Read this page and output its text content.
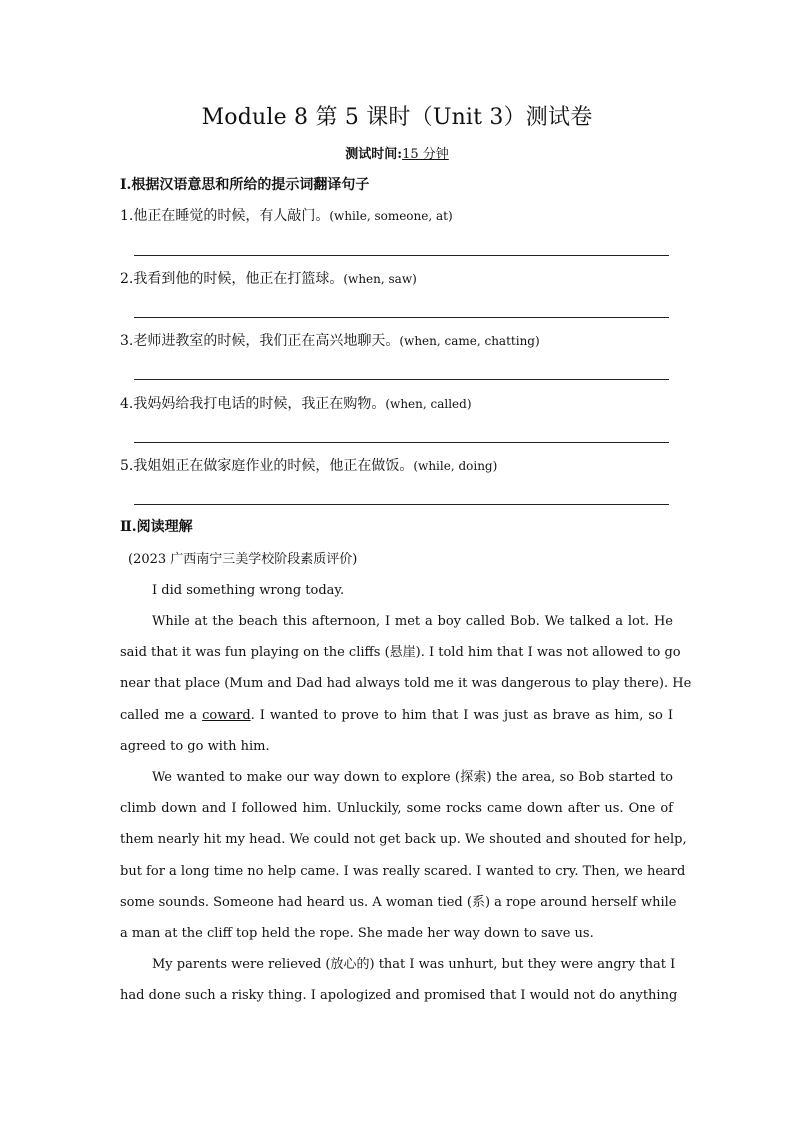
Module 8 第 5 课时（Unit 3）测试卷
测试时间:15 分钟
Ⅰ.根据汉语意思和所给的提示词翻译句子
1.他正在睡觉的时候，有人敲门。(while, someone, at)
2.我看到他的时候，他正在打篮球。(when, saw)
3.老师进教室的时候，我们正在高兴地聊天。(when, came, chatting)
4.我妈妈给我打电话的时候，我正在购物。(when, called)
5.我姐姐正在做家庭作业的时候，他正在做饭。(while, doing)
Ⅱ.阅读理解
(2023 广西南宁三美学校阶段素质评价)
I did something wrong today.
While at the beach this afternoon, I met a boy called Bob. We talked a lot. He
said that it was fun playing on the cliffs (悬崖). I told him that I was not allowed to go
near that place (Mum and Dad had always told me it was dangerous to play there). He
called me a coward. I wanted to prove to him that I was just as brave as him, so I
agreed to go with him.
We wanted to make our way down to explore (探索) the area, so Bob started to
climb down and I followed him. Unluckily, some rocks came down after us. One of
them nearly hit my head. We could not get back up. We shouted and shouted for help,
but for a long time no help came. I was really scared. I wanted to cry. Then, we heard
some sounds. Someone had heard us. A woman tied (系) a rope around herself while
a man at the cliff top held the rope. She made her way down to save us.
My parents were relieved (放心的) that I was unhurt, but they were angry that I
had done such a risky thing. I apologized and promised that I would not do anything
